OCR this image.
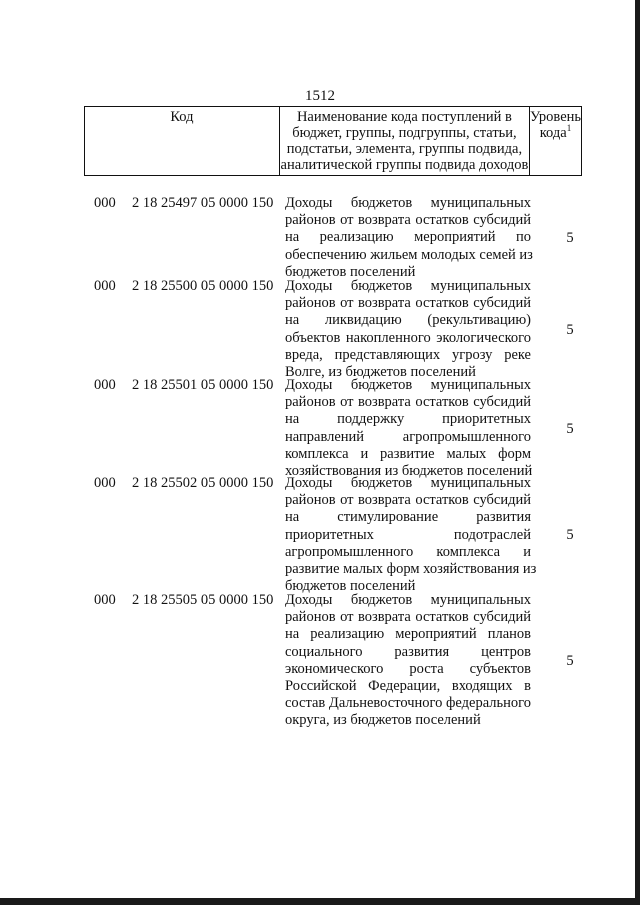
1512
Код	Наименование кода поступлений в
бюджет, группы, подгруппы, статьи,
подстатьи, элемента, группы подвида,
аналитической группы подвида доходов
Уровень
кода$^1$
000 2 18 25497 05 0000 150 Доходы бюджетов муниципальных
районов от возврата остатков субсидий
на реализацию мероприятий по
обеспечению жильем молодых семей из
бюджетов поселений
5
000 2 18 25500 05 0000 150 Доходы бюджетов муниципальных
районов от возврата остатков субсидий
на ликвидацию (рекультивацию)
объектов накопленного экологического
вреда, представляющих угрозу реке
Волге, из бюджетов поселений
5
000 2 18 25501 05 0000 150 Доходы бюджетов муниципальных
районов от возврата остатков субсидий
на поддержку приоритетных
направлений агропромышленного
комплекса и развитие малых форм
хозяйствования из бюджетов поселений
5
000 2 18 25502 05 0000 150 Доходы бюджетов муниципальных
районов от возврата остатков субсидий
на стимулирование развития
приоритетных подотраслей
агропромышленного комплекса и
развитие малых форм хозяйствования из
бюджетов поселений
5
000 2 18 25505 05 0000 150 Доходы бюджетов муниципальных
районов от возврата остатков субсидий
на реализацию мероприятий планов
социального развития центров
экономического роста субъектов
Российской Федерации, входящих в
состав Дальневосточного федерального
округа, из бюджетов поселений
5
